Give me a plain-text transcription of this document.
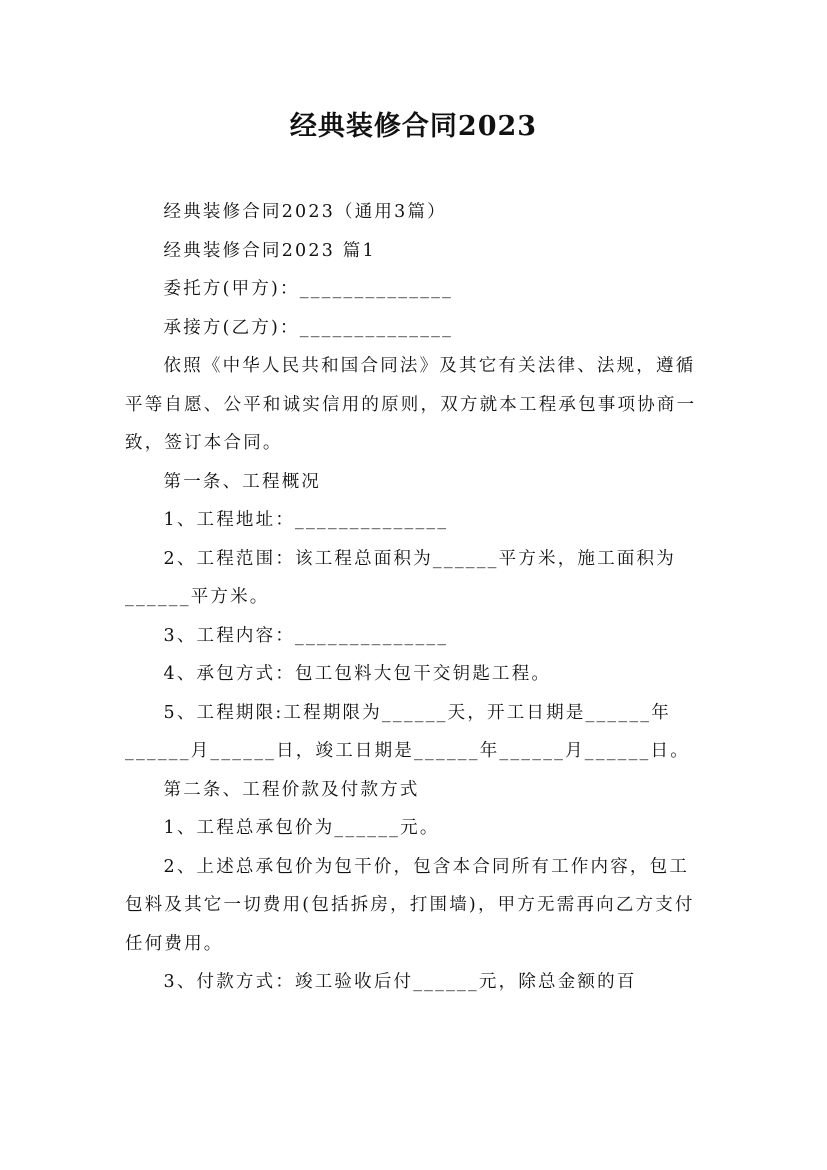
经典装修合同2023
经典装修合同2023（通用3篇）
经典装修合同2023 篇1
委托方(甲方)：______________
承接方(乙方)：______________
依照《中华人民共和国合同法》及其它有关法律、法规，遵循平等自愿、公平和诚实信用的原则，双方就本工程承包事项协商一致，签订本合同。
第一条、工程概况
1、工程地址：______________
2、工程范围：该工程总面积为______平方米，施工面积为______平方米。
3、工程内容：______________
4、承包方式：包工包料大包干交钥匙工程。
5、工程期限:工程期限为______天，开工日期是______年______月______日，竣工日期是______年______月______日。
第二条、工程价款及付款方式
1、工程总承包价为______元。
2、上述总承包价为包干价，包含本合同所有工作内容，包工包料及其它一切费用(包括拆房，打围墙)，甲方无需再向乙方支付任何费用。
3、付款方式：竣工验收后付______元，除总金额的百
